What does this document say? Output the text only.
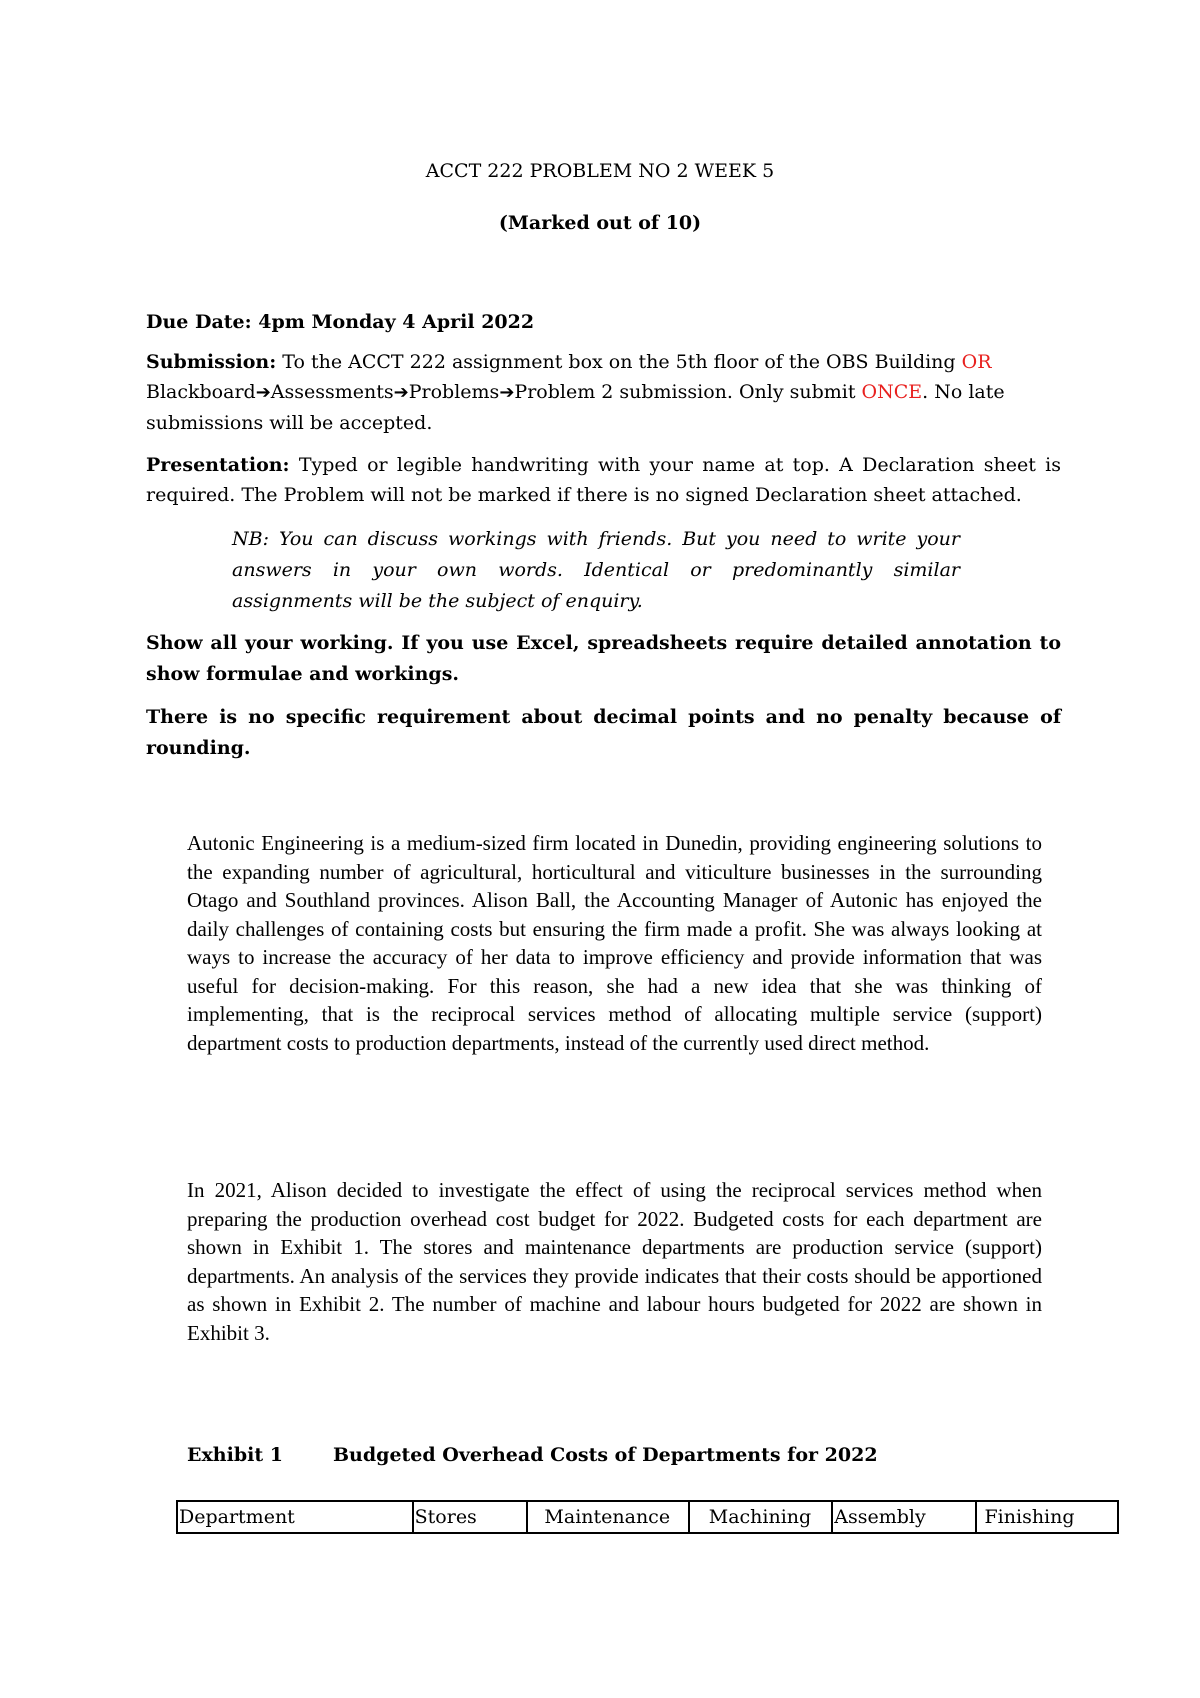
ACCT 222 PROBLEM NO 2 WEEK 5
(Marked out of 10)
Due Date: 4pm Monday 4 April 2022
Submission: To the ACCT 222 assignment box on the 5th floor of the OBS Building OR
Blackboard➔Assessments➔Problems➔Problem 2 submission. Only submit ONCE. No late submissions will be accepted.
Presentation: Typed or legible handwriting with your name at top. A Declaration sheet is required. The Problem will not be marked if there is no signed Declaration sheet attached.
NB: You can discuss workings with friends. But you need to write your answers in your own words. Identical or predominantly similar assignments will be the subject of enquiry.
Show all your working. If you use Excel, spreadsheets require detailed annotation to show formulae and workings.
There is no specific requirement about decimal points and no penalty because of rounding.
Autonic Engineering is a medium-sized firm located in Dunedin, providing engineering solutions to the expanding number of agricultural, horticultural and viticulture businesses in the surrounding Otago and Southland provinces. Alison Ball, the Accounting Manager of Autonic has enjoyed the daily challenges of containing costs but ensuring the firm made a profit. She was always looking at ways to increase the accuracy of her data to improve efficiency and provide information that was useful for decision-making. For this reason, she had a new idea that she was thinking of implementing, that is the reciprocal services method of allocating multiple service (support) department costs to production departments, instead of the currently used direct method.
In 2021, Alison decided to investigate the effect of using the reciprocal services method when preparing the production overhead cost budget for 2022. Budgeted costs for each department are shown in Exhibit 1. The stores and maintenance departments are production service (support) departments. An analysis of the services they provide indicates that their costs should be apportioned as shown in Exhibit 2. The number of machine and labour hours budgeted for 2022 are shown in Exhibit 3.
Exhibit 1	Budgeted Overhead Costs of Departments for 2022
Department	Stores	Maintenance	Machining	Assembly	Finishing
